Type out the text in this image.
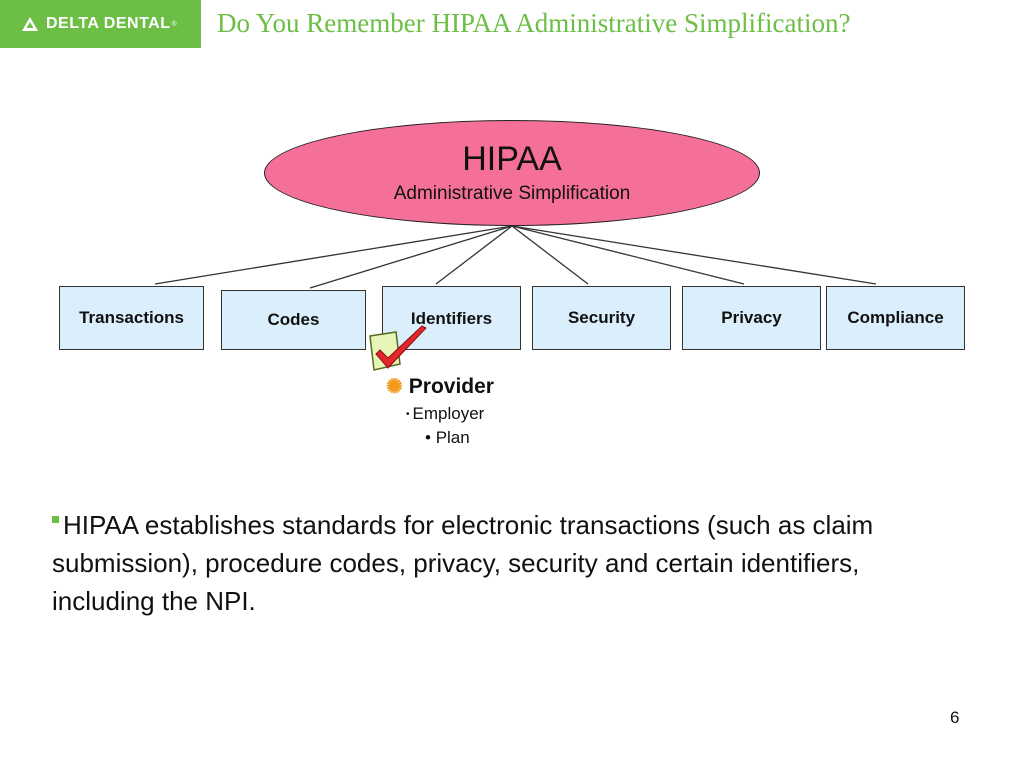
DELTA DENTAL ® Do You Remember HIPAA Administrative Simplification?
HIPAA
Administrative Simplification
Transactions	Codes	Identifiers	Security	Privacy	Compliance
✺ Provider
• Employer
• Plan
HIPAA establishes standards for electronic transactions (such as claim submission), procedure codes, privacy, security and certain identifiers, including the NPI.
6
